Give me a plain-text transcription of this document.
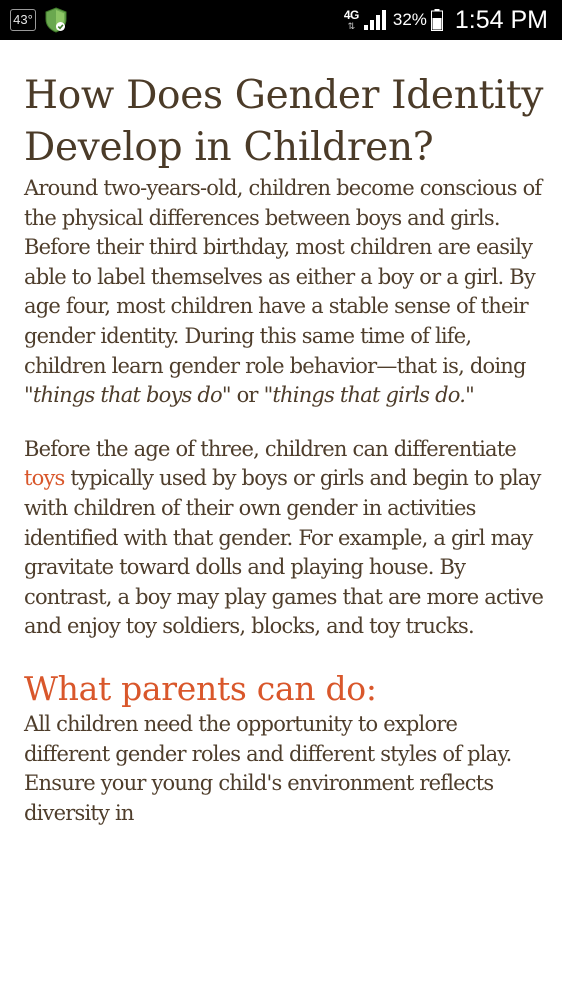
43°	4G
⇅ 32% 1:54 PM
How Does Gender Identity Develop in Children?

Around two-years-old, children become conscious of the physical differences between boys and girls. Before their third birthday, most children are easily able to label themselves as either a boy or a girl. By age four, most children have a stable sense of their gender identity. During this same time of life, children learn gender role behavior—that is, doing "things that boys do" or "things that girls do."

Before the age of three, children can differentiate toys typically used by boys or girls and begin to play with children of their own gender in activities identified with that gender. For example, a girl may gravitate toward dolls and playing house. By contrast, a boy may play games that are more active and enjoy toy soldiers, blocks, and toy trucks.

What parents can do:

All children need the opportunity to explore different gender roles and different styles of play. Ensure your young child's environment reflects diversity in
